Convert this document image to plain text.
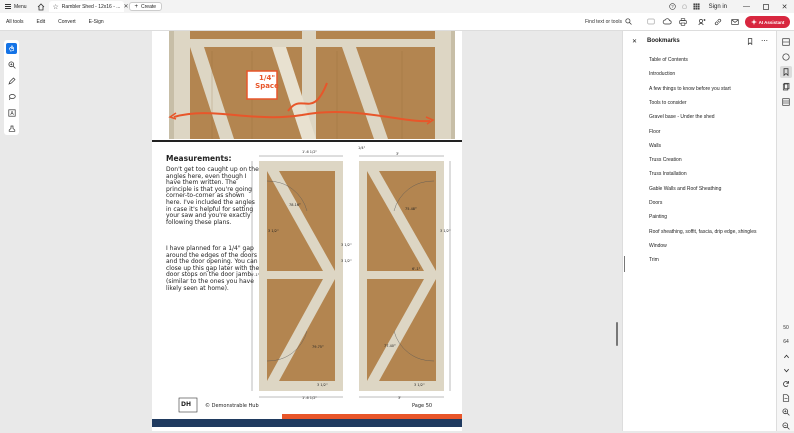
Menu	☆ Rambler Shed - 12x16 - ... ✕ + Create	?	Sign in	—	✕
All tools	Edit	Convert	E-Sign	Find text or tools	AI Assistant
A
1/4" Space
Measurements:
Don't get too caught up on the angles here, even though I have them written. The principle is that you're going corner-to-corner as shown here. I've included the angles in case it's helpful for setting your saw and you're exactly following these plans.
I have planned for a 1/4" gap around the edges of the doors and the door opening. You can close up this gap later with the door stops on the door jamb (similar to the ones you have likely seen at home).
1'-6 1/2"
1/4"
3'
3 1/2"	3 1/2"
78.16°
75.48°
3 1/2"
3 1/2"
6'-1"
6'-1"
79.75°	77.40°
3 1/2"	3 1/2"
1'-6 1/2"	3'
DH	© Demonstrable Hub	Page 50
✕ Bookmarks	⋯
Table of Contents
Introduction
A few things to know before you start
Tools to consider
Gravel base - Under the shed
Floor
Walls
Truss Creation
Truss Installation
Gable Walls and Roof Sheathing
Doors
Painting
Roof sheathing, soffit, fascia, drip edge, shingles
Window
Trim
50
64
